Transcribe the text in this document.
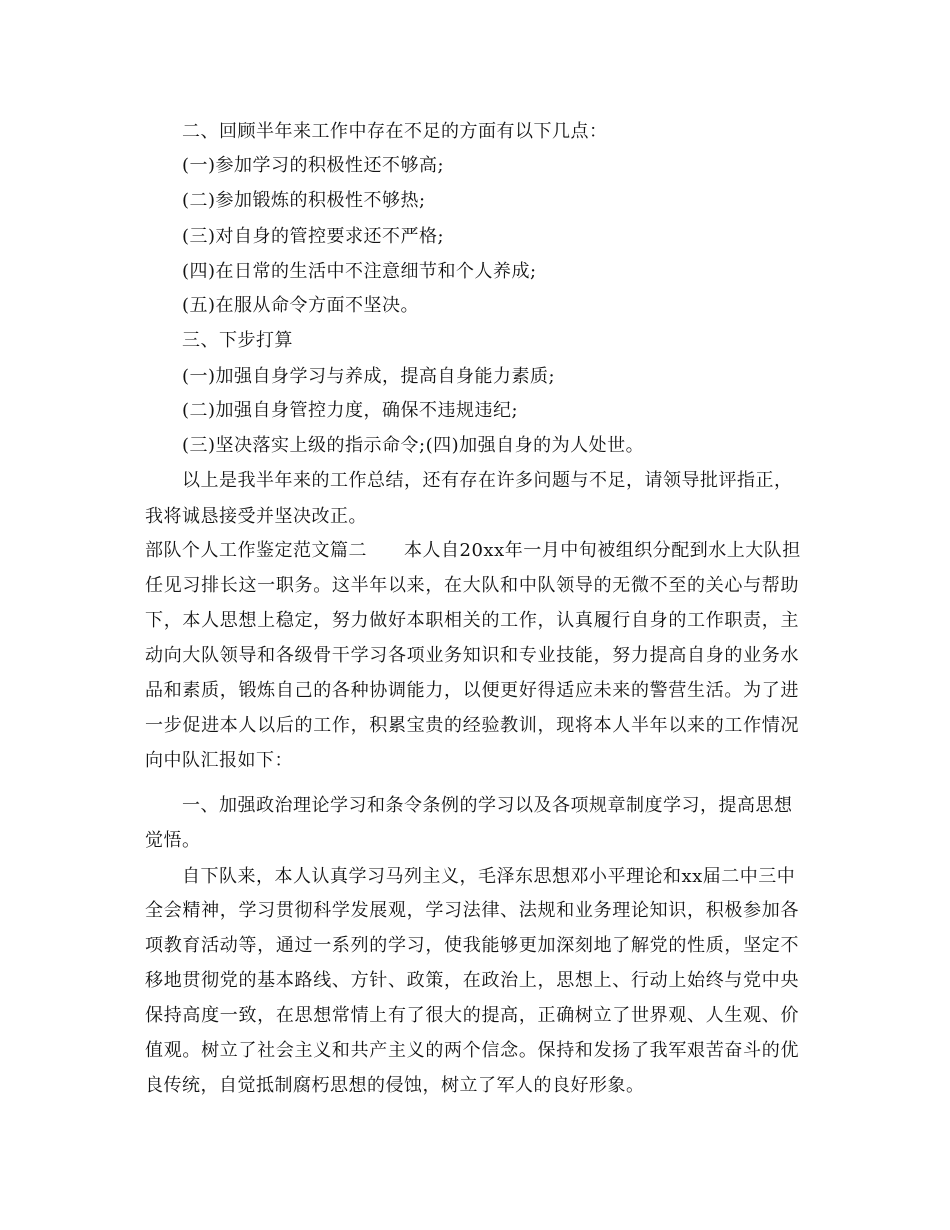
二、回顾半年来工作中存在不足的方面有以下几点：
(一)参加学习的积极性还不够高;
(二)参加锻炼的积极性不够热;
(三)对自身的管控要求还不严格;
(四)在日常的生活中不注意细节和个人养成;
(五)在服从命令方面不坚决。
三、下步打算
(一)加强自身学习与养成，提高自身能力素质;
(二)加强自身管控力度，确保不违规违纪;
(三)坚决落实上级的指示命令;(四)加强自身的为人处世。
以上是我半年来的工作总结，还有存在许多问题与不足，请领导批评指正，
我将诚恳接受并坚决改正。
部队个人工作鉴定范文篇二　　本人自20xx年一月中旬被组织分配到水上大队担
任见习排长这一职务。这半年以来，在大队和中队领导的无微不至的关心与帮助
下，本人思想上稳定，努力做好本职相关的工作，认真履行自身的工作职责，主
动向大队领导和各级骨干学习各项业务知识和专业技能，努力提高自身的业务水
品和素质，锻炼自己的各种协调能力，以便更好得适应未来的警营生活。为了进
一步促进本人以后的工作，积累宝贵的经验教训，现将本人半年以来的工作情况
向中队汇报如下：
一、加强政治理论学习和条令条例的学习以及各项规章制度学习，提高思想
觉悟。
自下队来，本人认真学习马列主义，毛泽东思想邓小平理论和xx届二中三中
全会精神，学习贯彻科学发展观，学习法律、法规和业务理论知识，积极参加各
项教育活动等，通过一系列的学习，使我能够更加深刻地了解党的性质，坚定不
移地贯彻党的基本路线、方针、政策，在政治上，思想上、行动上始终与党中央
保持高度一致，在思想常情上有了很大的提高，正确树立了世界观、人生观、价
值观。树立了社会主义和共产主义的两个信念。保持和发扬了我军艰苦奋斗的优
良传统，自觉抵制腐朽思想的侵蚀，树立了军人的良好形象。
